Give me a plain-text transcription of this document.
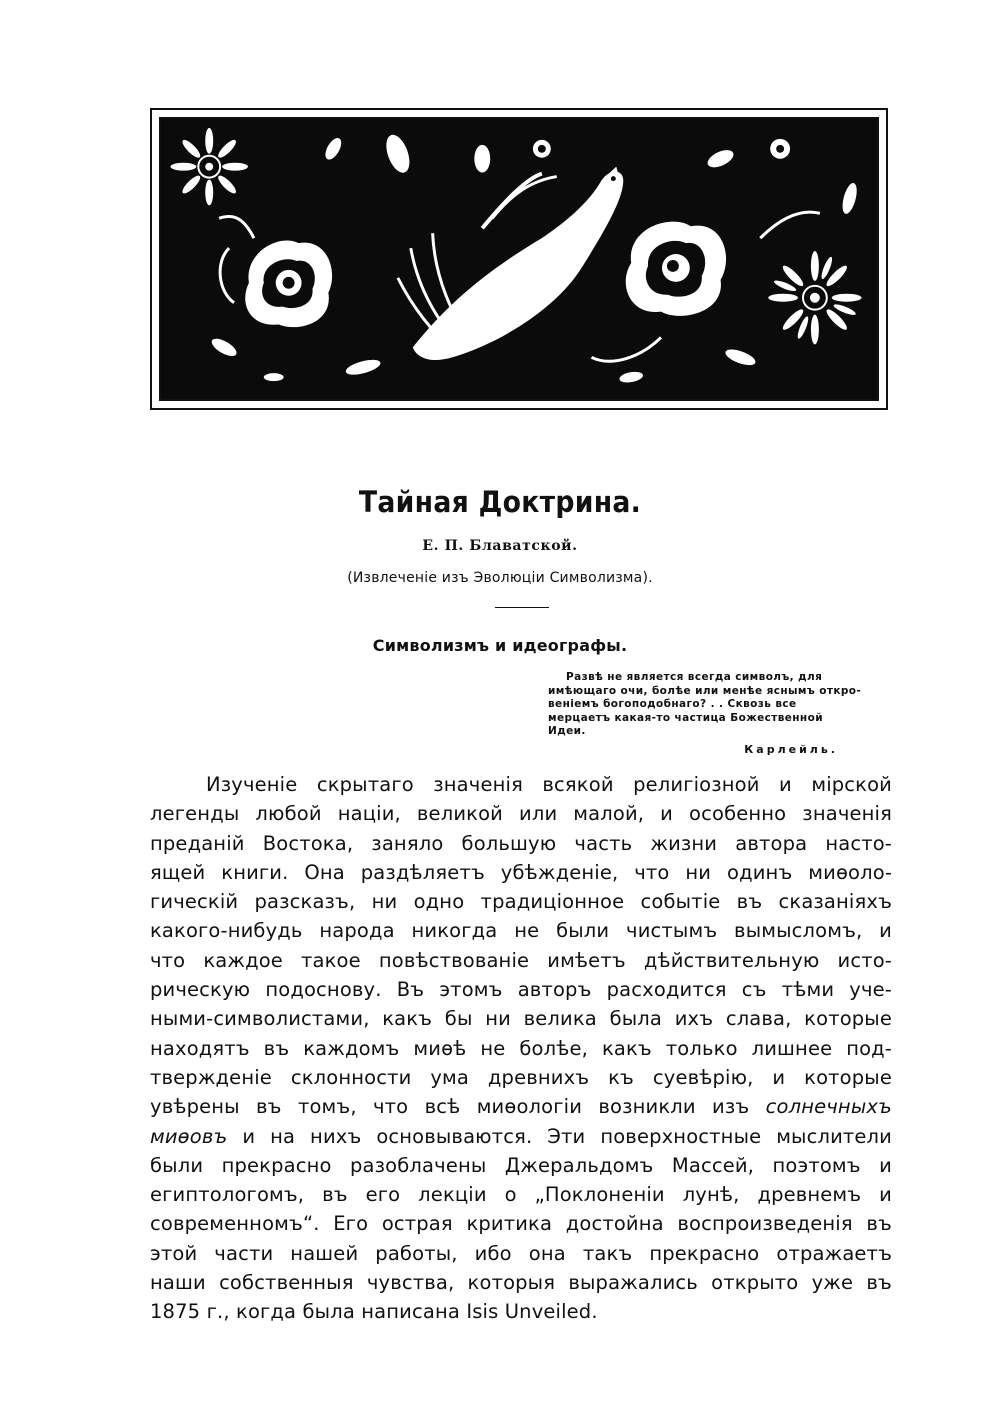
Тайная Доктрина.
Е. П. Блаватской.
(Извлеченіе изъ Эволюціи Символизма).
Символизмъ и идеографы.
Развѣ не является всегда символъ, для
имѣющаго очи, болѣе или менѣе яснымъ откро-
веніемъ богоподобнаго? . . Сквозь все
мерцаетъ какая-то частица Божественной
Идеи.
Карлейль.
Изученіе скрытаго значенія всякой религіозной и мірской
легенды любой націи, великой или малой, и особенно значенія
преданій Востока, заняло большую часть жизни автора насто-
ящей книги. Она раздѣляетъ убѣжденіе, что ни одинъ миѳоло-
гическій разсказъ, ни одно традиціонное событіе въ сказаніяхъ
какого-нибудь народа никогда не были чистымъ вымысломъ, и
что каждое такое повѣствованіе имѣетъ дѣйствительную исто-
рическую подоснову. Въ этомъ авторъ расходится съ тѣми уче-
ными-символистами, какъ бы ни велика была ихъ слава, которые
находятъ въ каждомъ миѳѣ не болѣе, какъ только лишнее под-
твержденіе склонности ума древнихъ къ суевѣрію, и которые
увѣрены въ томъ, что всѣ миѳологіи возникли изъ солнечныхъ
миѳовъ и на нихъ основываются. Эти поверхностные мыслители
были прекрасно разоблачены Джеральдомъ Массей, поэтомъ и
египтологомъ, въ его лекціи о „Поклоненіи лунѣ, древнемъ и
современномъ“. Его острая критика достойна воспроизведенія въ
этой части нашей работы, ибо она такъ прекрасно отражаетъ
наши собственныя чувства, которыя выражались открыто уже въ
1875 г., когда была написана Isis Unveiled.
